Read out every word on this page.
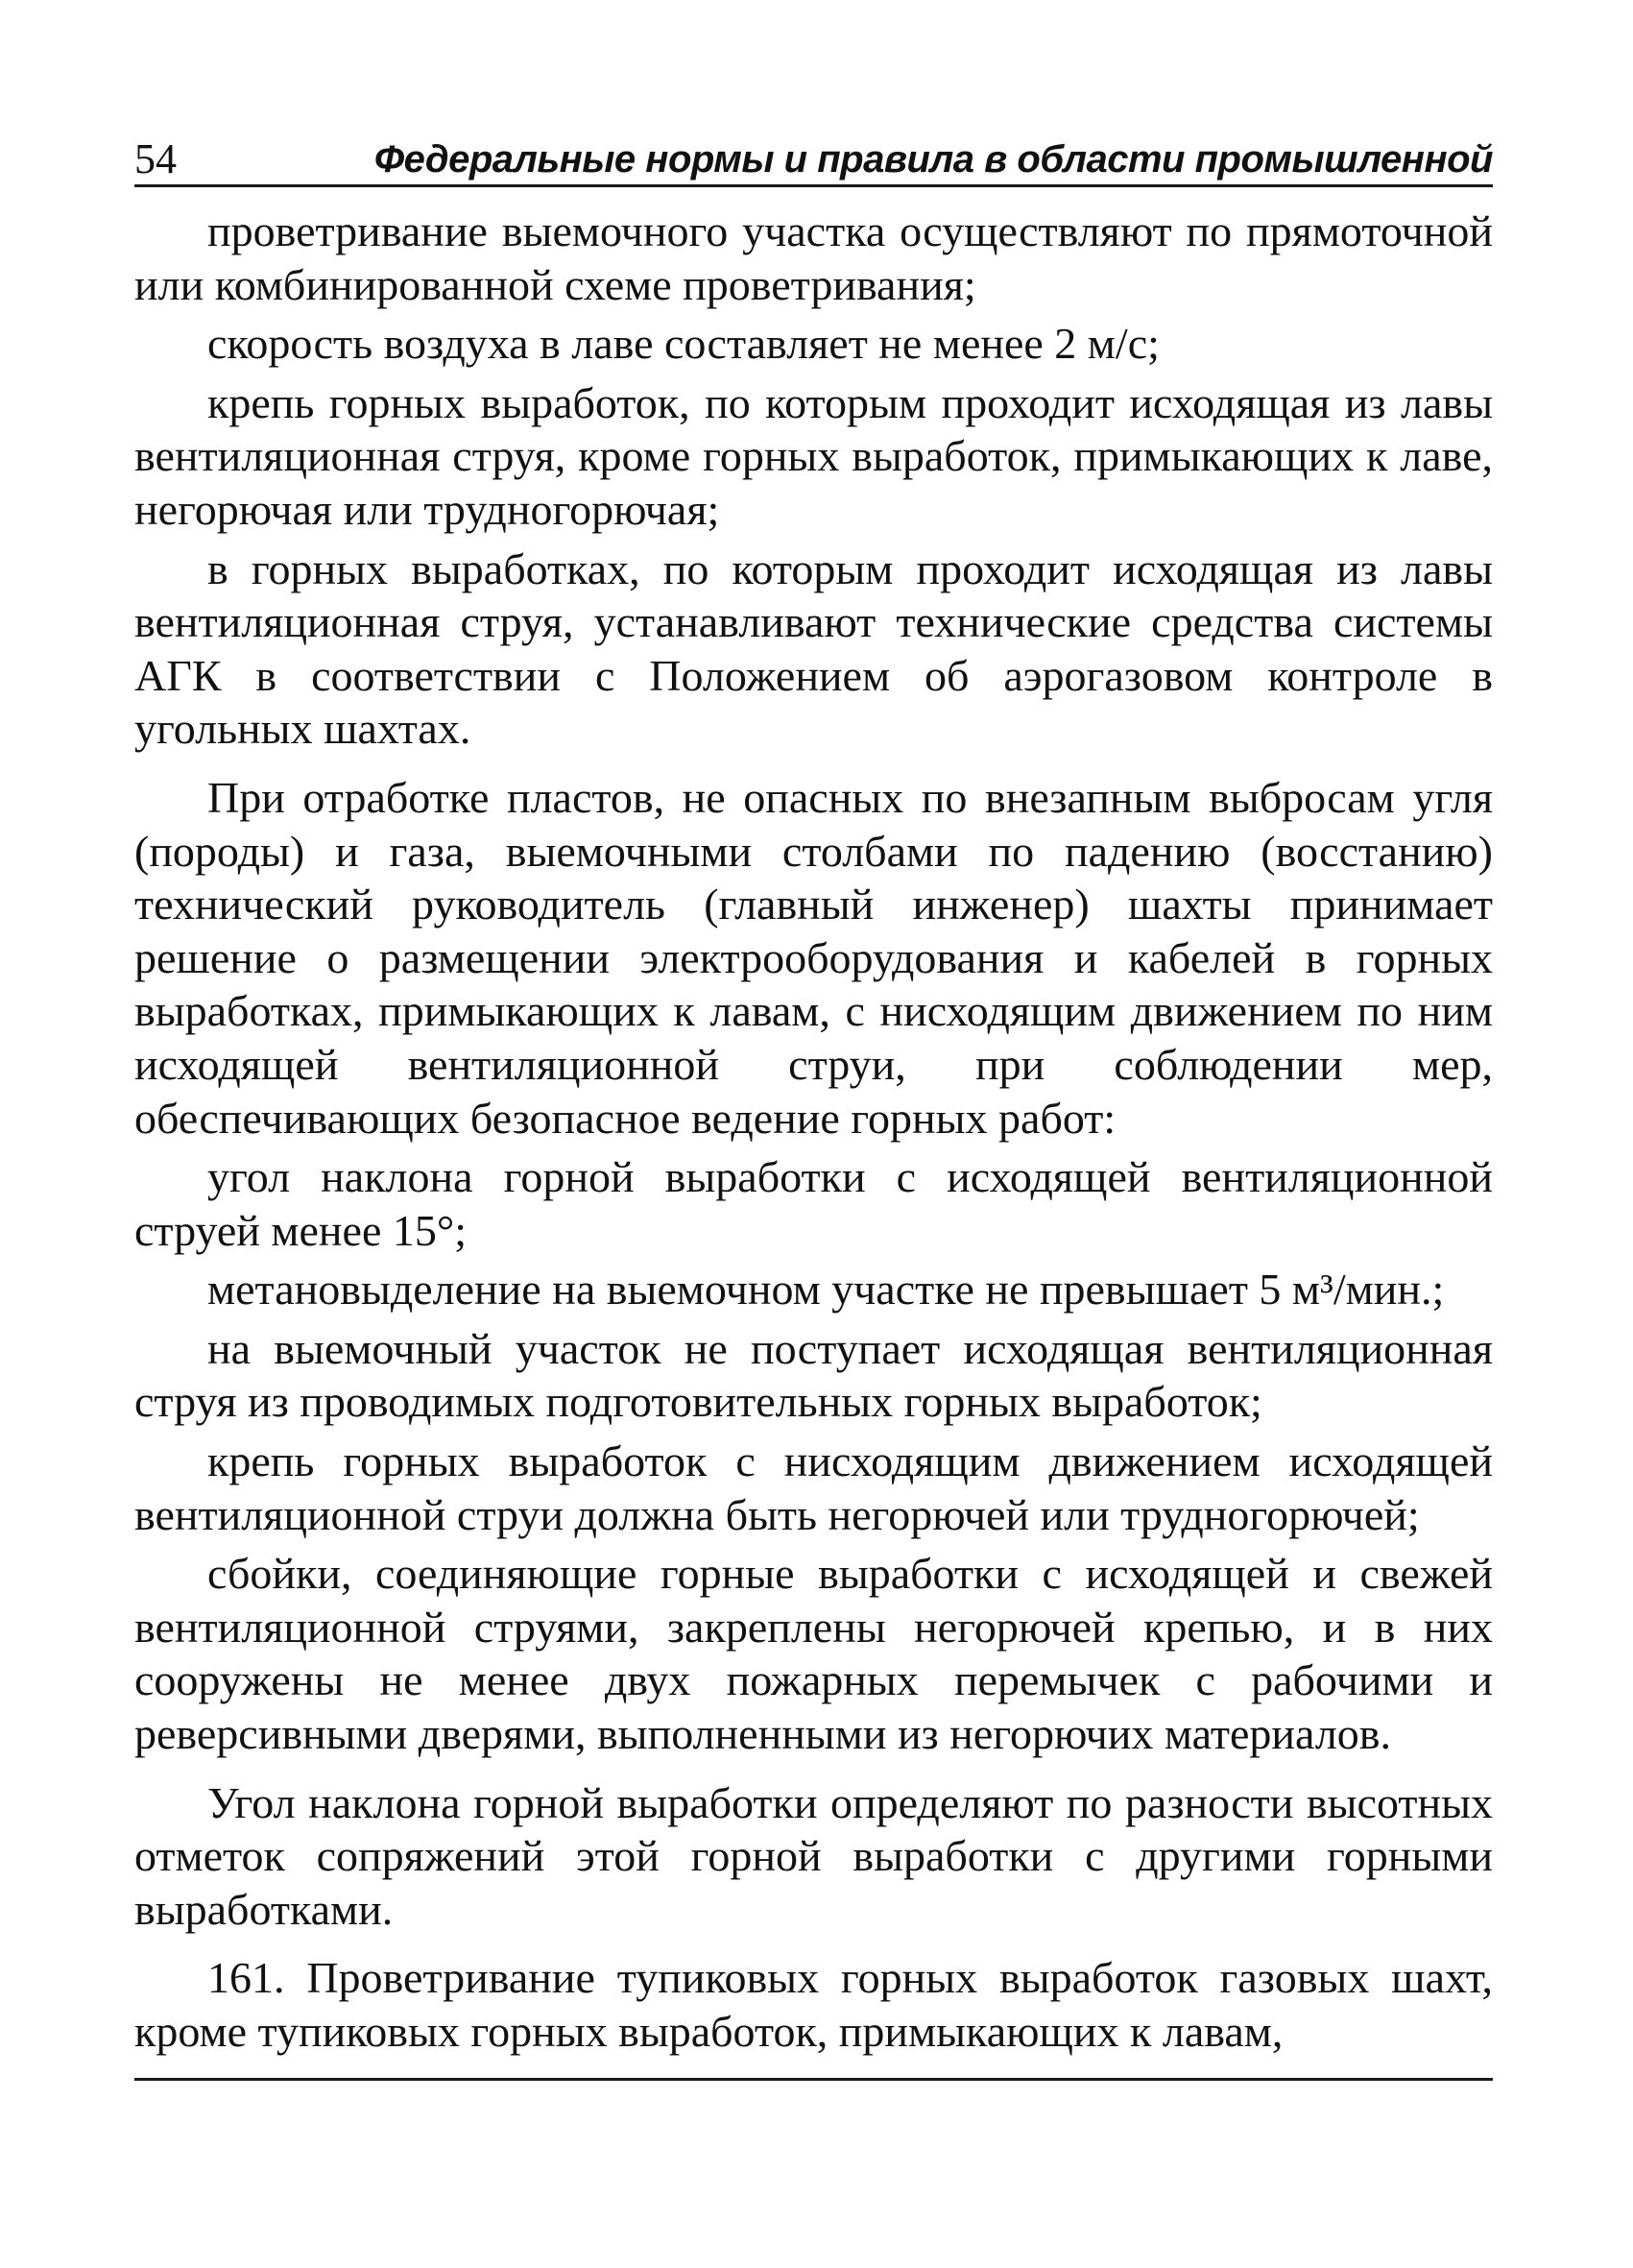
54	Федеральные нормы и правила в области промышленной

проветривание выемочного участка осуществляют по прямоточной или комбинированной схеме проветривания;

скорость воздуха в лаве составляет не менее 2 м/с;

крепь горных выработок, по которым проходит исходящая из лавы вентиляционная струя, кроме горных выработок, примыкающих к лаве, негорючая или трудногорючая;

в горных выработках, по которым проходит исходящая из лавы вентиляционная струя, устанавливают технические средства системы АГК в соответствии с Положением об аэрогазовом контроле в угольных шахтах.

При отработке пластов, не опасных по внезапным выбросам угля (породы) и газа, выемочными столбами по падению (восстанию) технический руководитель (главный инженер) шахты принимает решение о размещении электрооборудования и кабелей в горных выработках, примыкающих к лавам, с нисходящим движением по ним исходящей вентиляционной струи, при соблюдении мер, обеспечивающих безопасное ведение горных работ:

угол наклона горной выработки с исходящей вентиляционной струей менее 15°;

метановыделение на выемочном участке не превышает 5 м³/мин.;

на выемочный участок не поступает исходящая вентиляционная струя из проводимых подготовительных горных выработок;

крепь горных выработок с нисходящим движением исходящей вентиляционной струи должна быть негорючей или трудногорючей;

сбойки, соединяющие горные выработки с исходящей и свежей вентиляционной струями, закреплены негорючей крепью, и в них сооружены не менее двух пожарных перемычек с рабочими и реверсивными дверями, выполненными из негорючих материалов.

Угол наклона горной выработки определяют по разности высотных отметок сопряжений этой горной выработки с другими горными выработками.

161. Проветривание тупиковых горных выработок газовых шахт, кроме тупиковых горных выработок, примыкающих к лавам,
